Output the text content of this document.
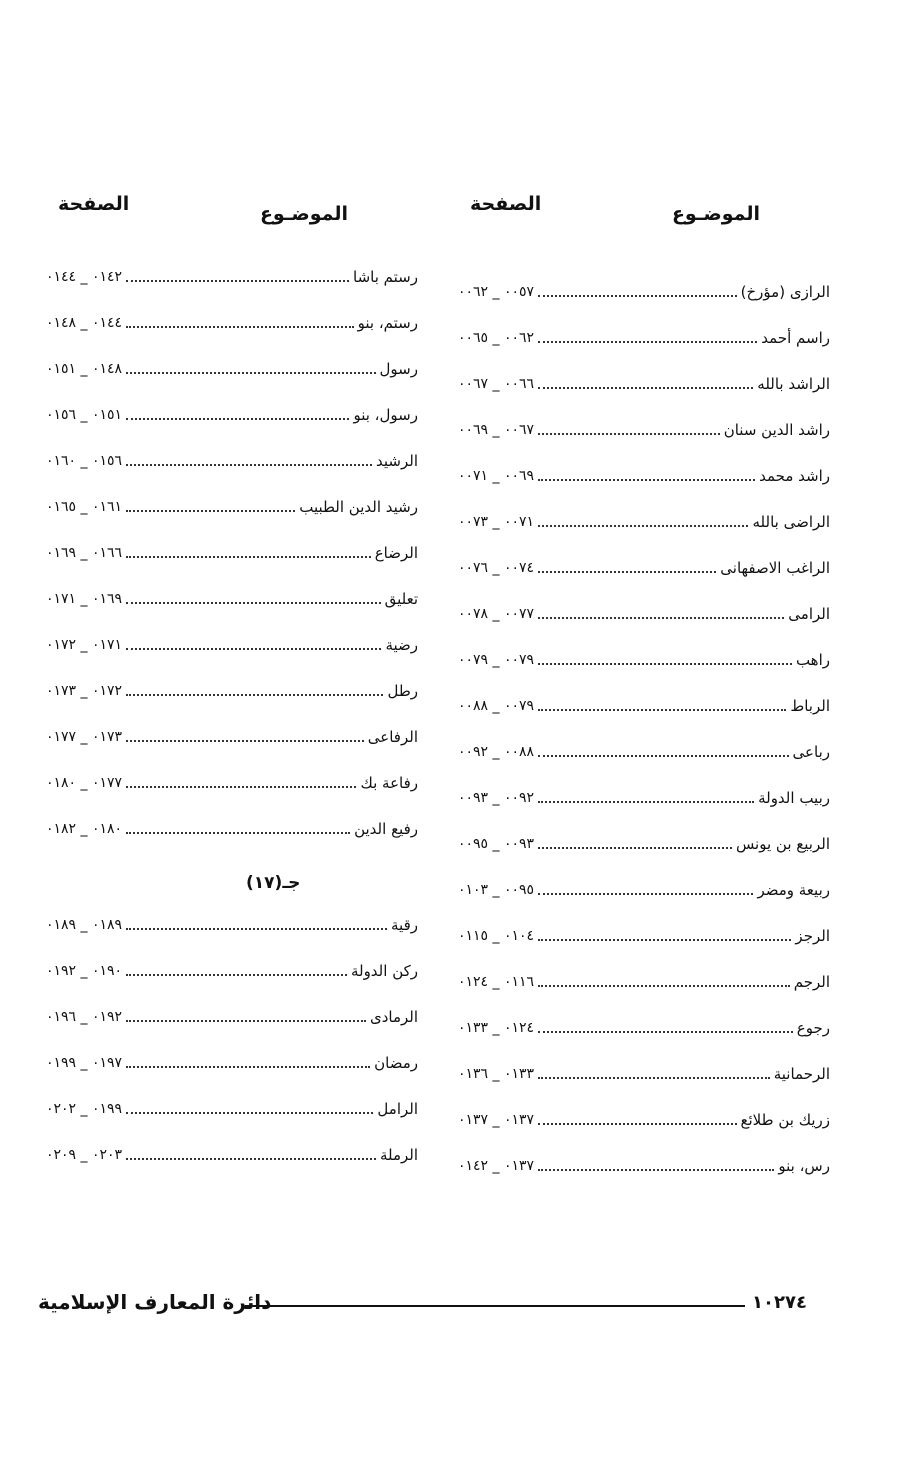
الموضـوع
الصفحة
٠٠٥٧ _ ٠٠٦٢	الرازى (مؤرخ)
٠٠٦٢ _ ٠٠٦٥	راسم أحمد
٠٠٦٦ _ ٠٠٦٧	الراشد بالله
٠٠٦٧ _ ٠٠٦٩	راشد الدين سنان
٠٠٦٩ _ ٠٠٧١	راشد محمد
٠٠٧١ _ ٠٠٧٣	الراضى بالله
٠٠٧٤ _ ٠٠٧٦	الراغب الاصفهانى
٠٠٧٧ _ ٠٠٧٨	الرامى
٠٠٧٩ _ ٠٠٧٩	راهب
٠٠٧٩ _ ٠٠٨٨	الرباط
٠٠٨٨ _ ٠٠٩٢	رباعى
٠٠٩٢ _ ٠٠٩٣	ربيب الدولة
٠٠٩٣ _ ٠٠٩٥	الربيع بن يونس
٠٠٩٥ _ ٠١٠٣	ربيعة ومضر
٠١٠٤ _ ٠١١٥	الرجز
٠١١٦ _ ٠١٢٤	الرجم
٠١٢٤ _ ٠١٣٣	رجوع
٠١٣٣ _ ٠١٣٦	الرحمانية
٠١٣٧ _ ٠١٣٧	زريك بن طلائع
٠١٣٧ _ ٠١٤٢	رس، بنو
الموضـوع
الصفحة
٠١٤٢ _ ٠١٤٤	رستم باشا
٠١٤٤ _ ٠١٤٨	رستم، بنو
٠١٤٨ _ ٠١٥١	رسول
٠١٥١ _ ٠١٥٦	رسول، بنو
٠١٥٦ _ ٠١٦٠	الرشيد
٠١٦١ _ ٠١٦٥	رشيد الدين الطبيب
٠١٦٦ _ ٠١٦٩	الرضاع
٠١٦٩ _ ٠١٧١	تعليق
٠١٧١ _ ٠١٧٢	رضية
٠١٧٢ _ ٠١٧٣	رطل
٠١٧٣ _ ٠١٧٧	الرفاعى
٠١٧٧ _ ٠١٨٠	رفاعة بك
٠١٨٠ _ ٠١٨٢	رفيع الدين
جـ(١٧)
٠١٨٩ _ ٠١٨٩	رقية
٠١٩٠ _ ٠١٩٢	ركن الدولة
٠١٩٢ _ ٠١٩٦	الرمادى
٠١٩٧ _ ٠١٩٩	رمضان
٠١٩٩ _ ٠٢٠٢	الرامل
٠٢٠٣ _ ٠٢٠٩	الرملة
دائرة المعارف الإسلامية	١٠٢٧٤
